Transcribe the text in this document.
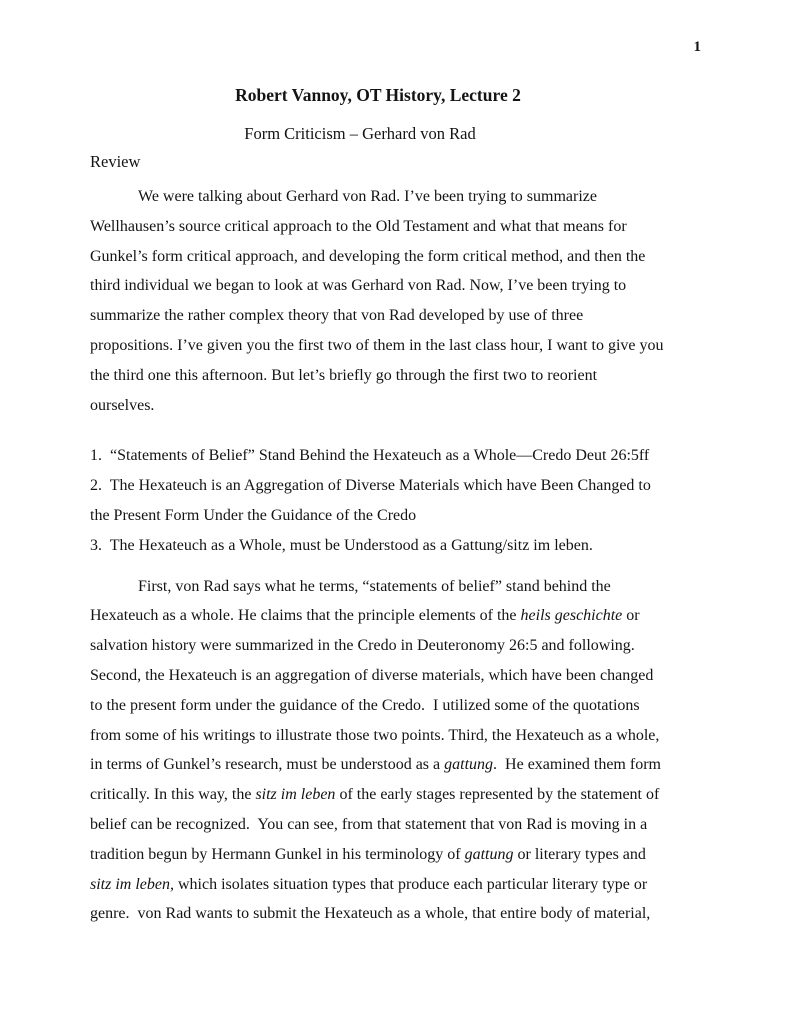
1
Robert Vannoy, OT History, Lecture 2
Form Criticism – Gerhard von Rad
Review
We were talking about Gerhard von Rad. I’ve been trying to summarize
Wellhausen’s source critical approach to the Old Testament and what that means for
Gunkel’s form critical approach, and developing the form critical method, and then the
third individual we began to look at was Gerhard von Rad. Now, I’ve been trying to
summarize the rather complex theory that von Rad developed by use of three
propositions. I’ve given you the first two of them in the last class hour, I want to give you
the third one this afternoon. But let’s briefly go through the first two to reorient
ourselves.
1.  “Statements of Belief” Stand Behind the Hexateuch as a Whole—Credo Deut 26:5ff
2.  The Hexateuch is an Aggregation of Diverse Materials which have Been Changed to
the Present Form Under the Guidance of the Credo
3.  The Hexateuch as a Whole, must be Understood as a Gattung/sitz im leben.
First, von Rad says what he terms, “statements of belief” stand behind the
Hexateuch as a whole. He claims that the principle elements of the heils geschichte or
salvation history were summarized in the Credo in Deuteronomy 26:5 and following.
Second, the Hexateuch is an aggregation of diverse materials, which have been changed
to the present form under the guidance of the Credo.  I utilized some of the quotations
from some of his writings to illustrate those two points. Third, the Hexateuch as a whole,
in terms of Gunkel’s research, must be understood as a gattung.  He examined them form
critically. In this way, the sitz im leben of the early stages represented by the statement of
belief can be recognized.  You can see, from that statement that von Rad is moving in a
tradition begun by Hermann Gunkel in his terminology of gattung or literary types and
sitz im leben, which isolates situation types that produce each particular literary type or
genre.  von Rad wants to submit the Hexateuch as a whole, that entire body of material,
